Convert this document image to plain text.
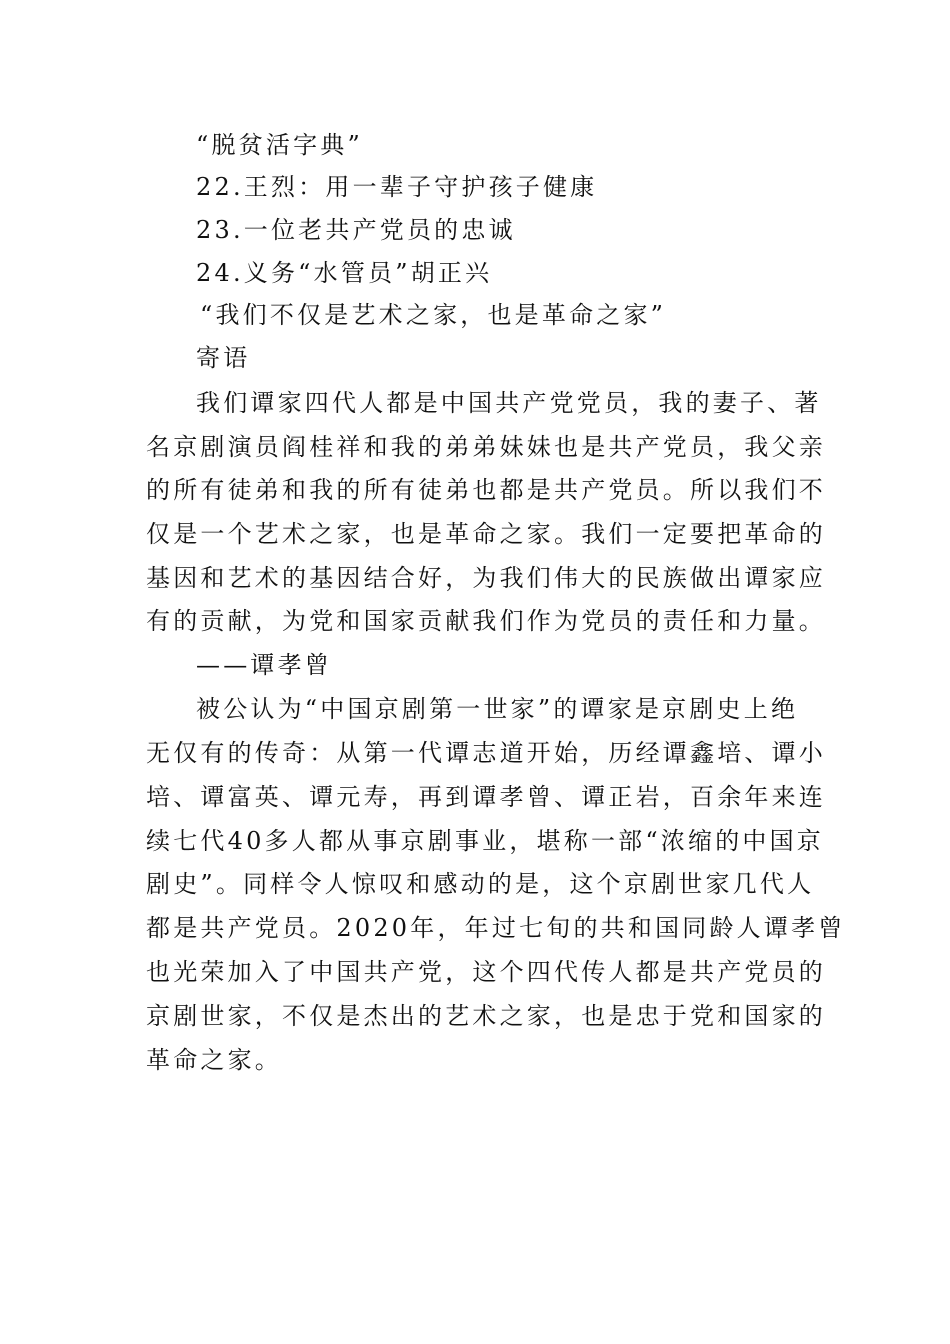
“脱贫活字典”
22.王烈：用一辈子守护孩子健康
23.一位老共产党员的忠诚
24.义务“水管员”胡正兴
“我们不仅是艺术之家，也是革命之家”
寄语
我们谭家四代人都是中国共产党党员，我的妻子、著
名京剧演员阎桂祥和我的弟弟妹妹也是共产党员，我父亲
的所有徒弟和我的所有徒弟也都是共产党员。所以我们不
仅是一个艺术之家，也是革命之家。我们一定要把革命的
基因和艺术的基因结合好，为我们伟大的民族做出谭家应
有的贡献，为党和国家贡献我们作为党员的责任和力量。
——谭孝曾
被公认为“中国京剧第一世家”的谭家是京剧史上绝
无仅有的传奇：从第一代谭志道开始，历经谭鑫培、谭小
培、谭富英、谭元寿，再到谭孝曾、谭正岩，百余年来连
续七代40多人都从事京剧事业，堪称一部“浓缩的中国京
剧史”。同样令人惊叹和感动的是，这个京剧世家几代人
都是共产党员。2020年，年过七旬的共和国同龄人谭孝曾
也光荣加入了中国共产党，这个四代传人都是共产党员的
京剧世家，不仅是杰出的艺术之家，也是忠于党和国家的
革命之家。
